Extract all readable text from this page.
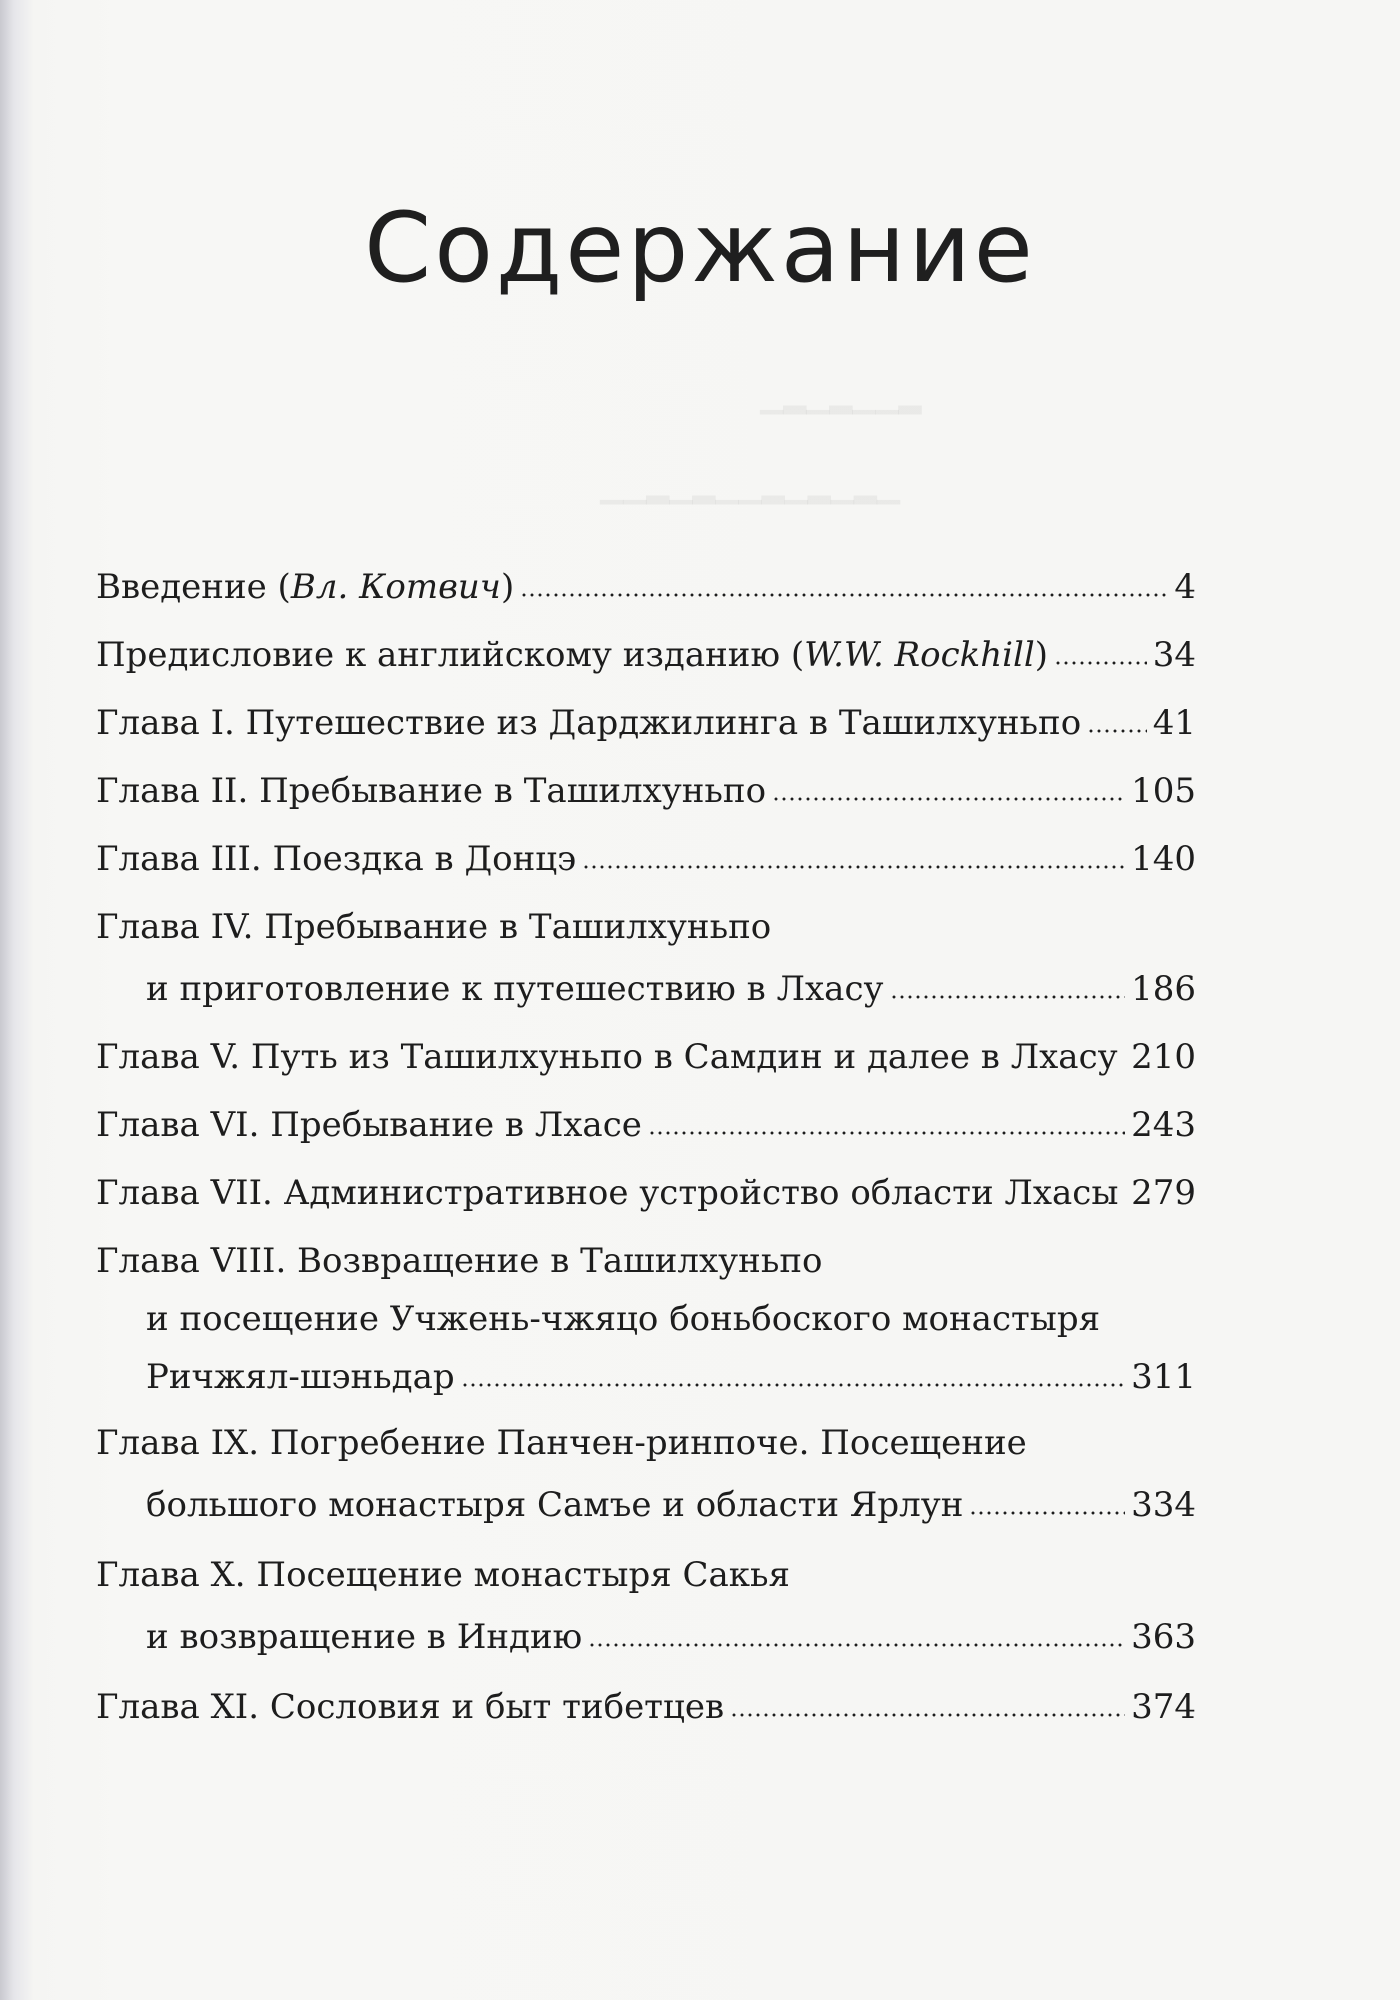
▁▂▁▂▁▁▂
▁▁▂▁▂▁▁▂▁▂▁▂▁
Содержание
Введение (Вл. Котвич)	4
Предисловие к английскому изданию (W.W. Rockhill)	34
Глава I. Путешествие из Дарджилинга в Ташилхуньпо 41
Глава II. Пребывание в Ташилхуньпо	105
Глава III. Поездка в Донцэ	140
Глава IV. Пребывание в Ташилхуньпо
и приготовление к путешествию в Лхасу	186
Глава V. Путь из Ташилхуньпо в Самдин и далее в Лхасу 210
Глава VI. Пребывание в Лхасе	243
Глава VII. Административное устройство области Лхасы 279
Глава VIII. Возвращение в Ташилхуньпо
и посещение Учжень-чжяцо боньбоского монастыря
Ричжял-шэньдар	311
Глава IX. Погребение Панчен-ринпоче. Посещение
большого монастыря Самъе и области Ярлун	334
Глава X. Посещение монастыря Сакья
и возвращение в Индию	363
Глава XI. Сословия и быт тибетцев	374
